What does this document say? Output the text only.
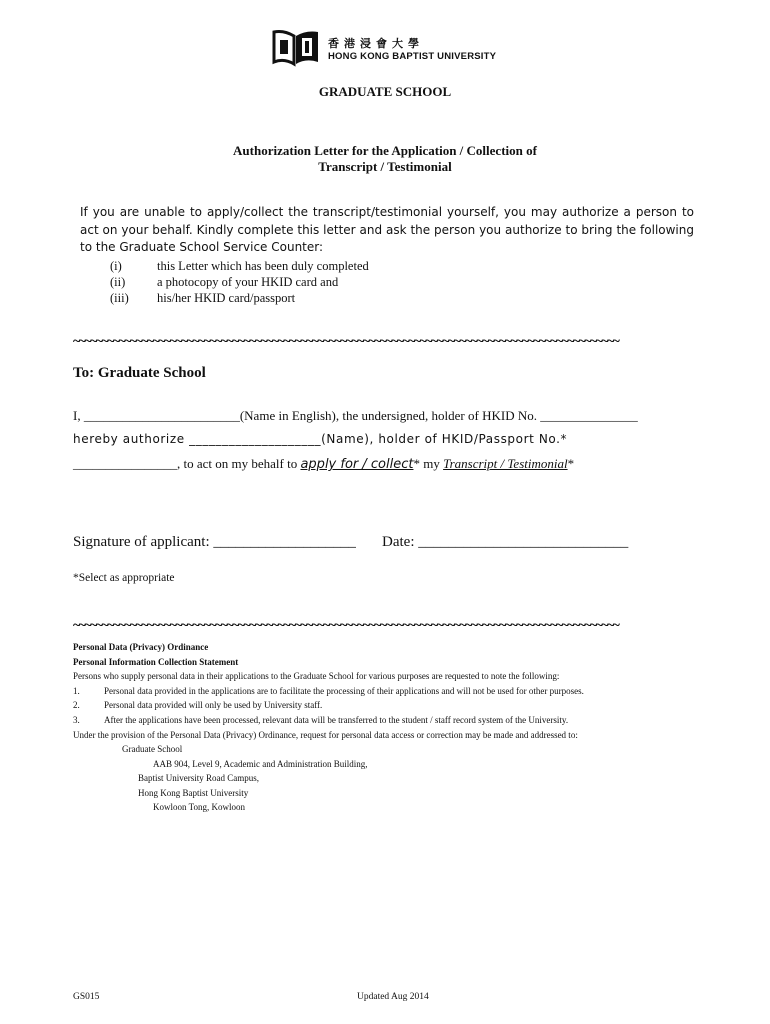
香港浸會大學
HONG KONG BAPTIST UNIVERSITY
GRADUATE SCHOOL
Authorization Letter for the Application / Collection of
Transcript / Testimonial
If you are unable to apply/collect the transcript/testimonial yourself, you may authorize a person to act on your behalf. Kindly complete this letter and ask the person you authorize to bring the following to the Graduate School Service Counter:
(i)	this Letter which has been duly completed
(ii)	a photocopy of your HKID card and
(iii) his/her HKID card/passport
~~~~~~~~~~~~~~~~~~~~~~~~~~~~~~~~~~~~~~~~~~~~~~~~~~~~~~~~~~~~~~~~~~~~~~~~~~~~~~~~~~~~~~~~~~~~~~~~
To: Graduate School
I, ________________________(Name in English), the undersigned, holder of HKID No. _______________
hereby authorize ____________________(Name), holder of HKID/Passport No.*
________________, to act on my behalf to apply for / collect* my Transcript / Testimonial*
Signature of applicant: ___________________ Date: ____________________________
*Select as appropriate
~~~~~~~~~~~~~~~~~~~~~~~~~~~~~~~~~~~~~~~~~~~~~~~~~~~~~~~~~~~~~~~~~~~~~~~~~~~~~~~~~~~~~~~~~~~~~~~~
Personal Data (Privacy) Ordinance
Personal Information Collection Statement
Persons who supply personal data in their applications to the Graduate School for various purposes are requested to note the following:
1.	Personal data provided in the applications are to facilitate the processing of their applications and will not be used for other purposes.
2.	Personal data provided will only be used by University staff.
3.	After the applications have been processed, relevant data will be transferred to the student / staff record system of the University.
Under the provision of the Personal Data (Privacy) Ordinance, request for personal data access or correction may be made and addressed to:
Graduate School
AAB 904, Level 9, Academic and Administration Building,
Baptist University Road Campus,
Hong Kong Baptist University
Kowloon Tong, Kowloon
GS015	Updated Aug 2014
